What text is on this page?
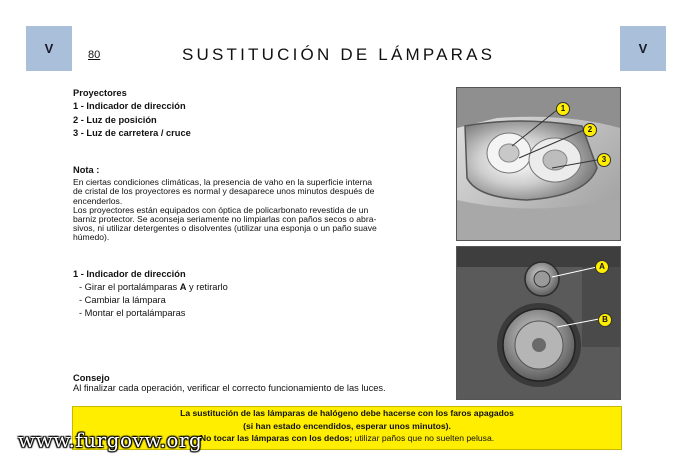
V	V
80	SUSTITUCIÓN DE LÁMPARAS
Proyectores
1 - Indicador de dirección
2 - Luz de posición
3 - Luz de carretera / cruce
Nota :
En ciertas condiciones climáticas, la presencia de vaho en la superficie interna
de cristal de los proyectores es normal y desaparece unos minutos después de
encenderlos.
Los proyectores están equipados con óptica de policarbonato revestida de un
barniz protector. Se aconseja seriamente no limpiarlas con paños secos o abra-
sivos, ni utilizar detergentes o disolventes (utilizar una esponja o un paño suave
húmedo).
1 - Indicador de dirección
- Girar el portalámparas A y retirarlo
- Cambiar la lámpara
- Montar el portalámparas
Consejo
Al finalizar cada operación, verificar el correcto funcionamiento de las luces.
1
2
3
A
B
La sustitución de las lámparas de halógeno debe hacerse con los faros apagados
(si han estado encendidos, esperar unos minutos).
No tocar las lámparas con los dedos; utilizar paños que no suelten pelusa.
www.furgovw.org
